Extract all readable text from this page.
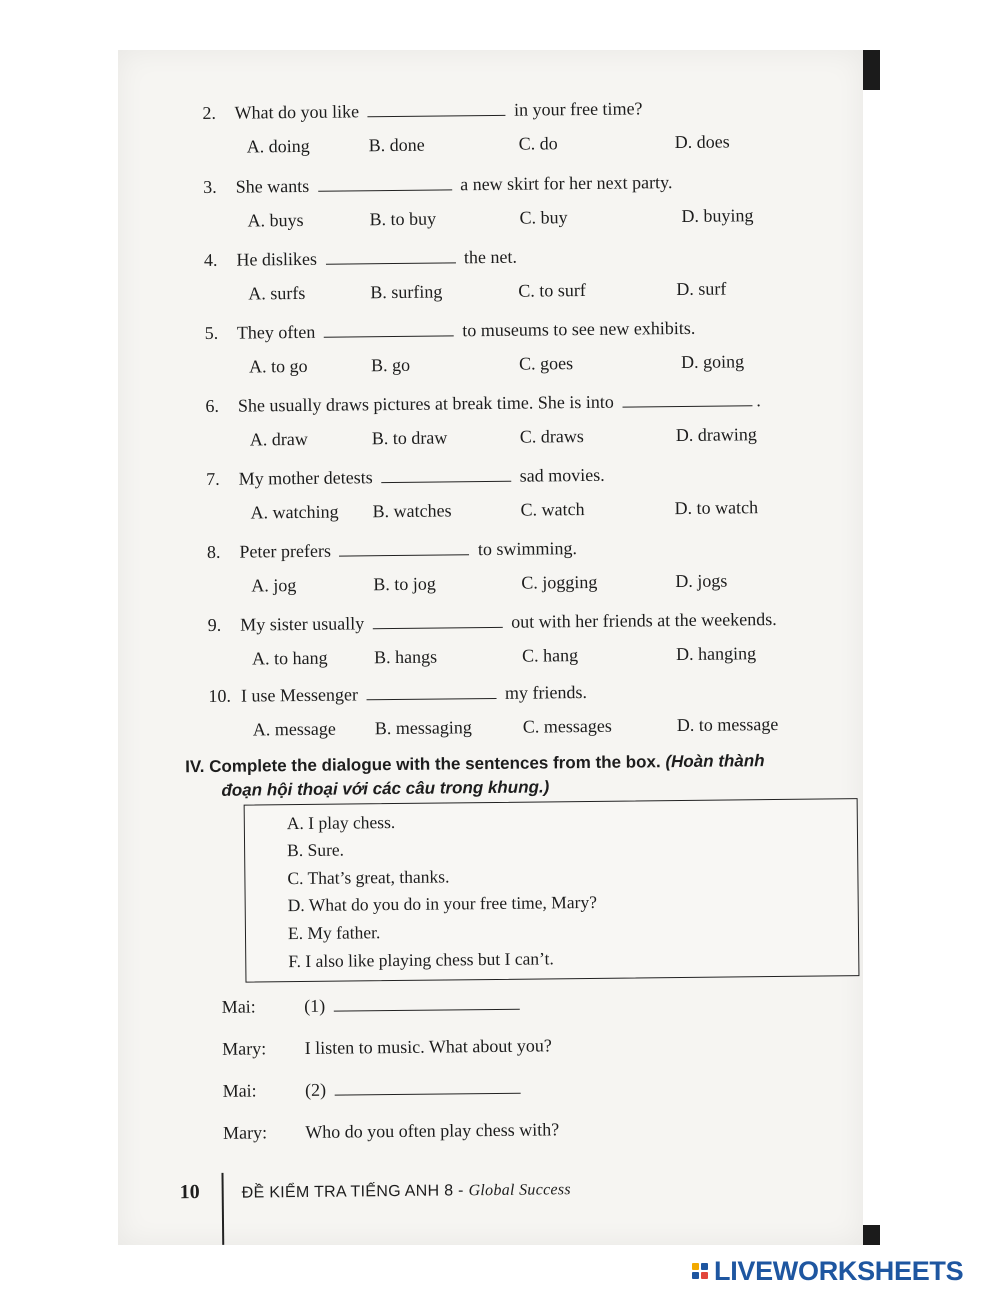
2. What do you like	in your free time?
A. doing	B. done	C. do	D. does
3. She wants	a new skirt for her next party.
A. buys	B. to buy	C. buy	D. buying
4. He dislikes	the net.
A. surfs	B. surfing	C. to surf	D. surf
5. They often	to museums to see new exhibits.
A. to go	B. go	C. goes	D. going
6. She usually draws pictures at break time. She is into	.
A. draw	B. to draw	C. draws	D. drawing
7. My mother detests	sad movies.
A. watching B. watches	C. watch	D. to watch
8. Peter prefers	to swimming.
A. jog	B. to jog	C. jogging	D. jogs
9. My sister usually	out with her friends at the weekends.
A. to hang	B. hangs	C. hang	D. hanging
10. I use Messenger	my friends.
A. message B. messaging	C. messages	D. to message
IV. Complete the dialogue with the sentences from the box. (Hoàn thành
đoạn hội thoại với các câu trong khung.)
A. I play chess.
B. Sure.
C. That’s great, thanks.
D. What do you do in your free time, Mary?
E. My father.
F. I also like playing chess but I can’t.
Mai:	(1)
Mary: I listen to music. What about you?
Mai:	(2)
Mary: Who do you often play chess with?
10	ĐỀ KIỂM TRA TIẾNG ANH 8 - Global Success
LIVEWORKSHEETS
